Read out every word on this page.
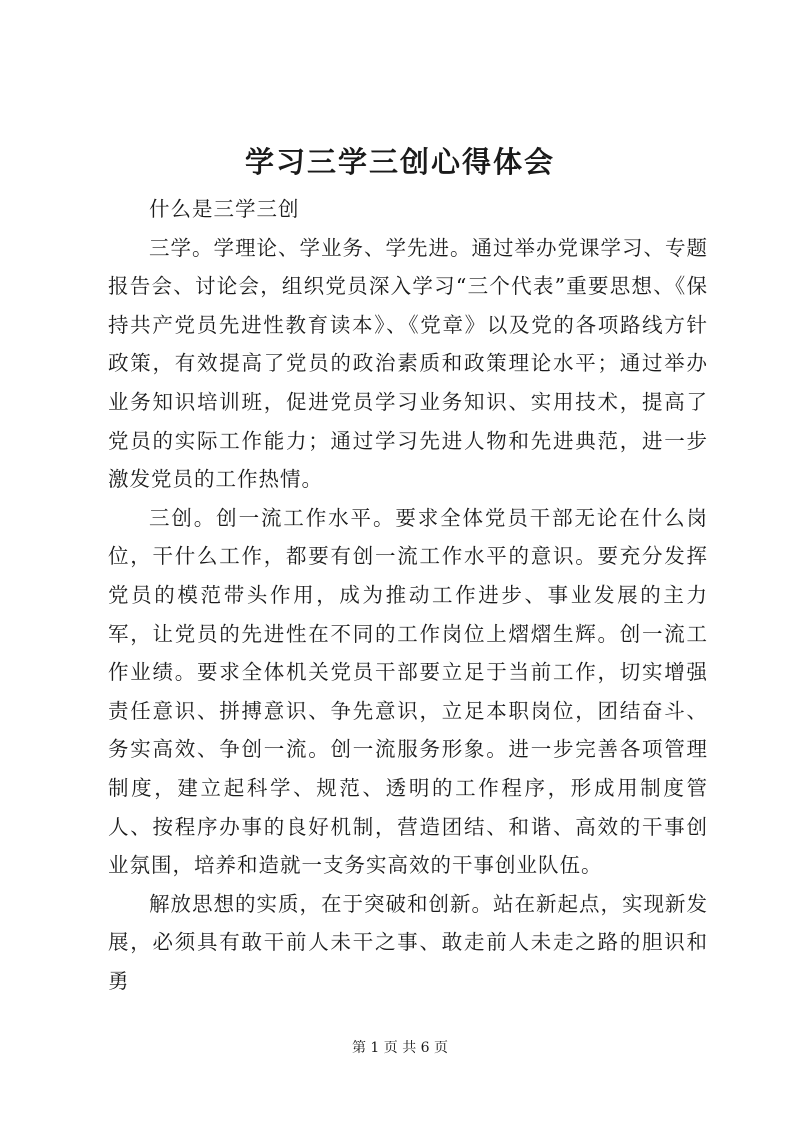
学习三学三创心得体会

什么是三学三创

三学。学理论、学业务、学先进。通过举办党课学习、专题报告会、讨论会，组织党员深入学习“三个代表”重要思想、《保持共产党员先进性教育读本》、《党章》以及党的各项路线方针政策，有效提高了党员的政治素质和政策理论水平；通过举办业务知识培训班，促进党员学习业务知识、实用技术，提高了党员的实际工作能力；通过学习先进人物和先进典范，进一步激发党员的工作热情。

三创。创一流工作水平。要求全体党员干部无论在什么岗位，干什么工作，都要有创一流工作水平的意识。要充分发挥党员的模范带头作用，成为推动工作进步、事业发展的主力军，让党员的先进性在不同的工作岗位上熠熠生辉。创一流工作业绩。要求全体机关党员干部要立足于当前工作，切实增强责任意识、拼搏意识、争先意识，立足本职岗位，团结奋斗、务实高效、争创一流。创一流服务形象。进一步完善各项管理制度，建立起科学、规范、透明的工作程序，形成用制度管人、按程序办事的良好机制，营造团结、和谐、高效的干事创业氛围，培养和造就一支务实高效的干事创业队伍。

解放思想的实质，在于突破和创新。站在新起点，实现新发展，必须具有敢干前人未干之事、敢走前人未走之路的胆识和勇

第 1 页 共 6 页
